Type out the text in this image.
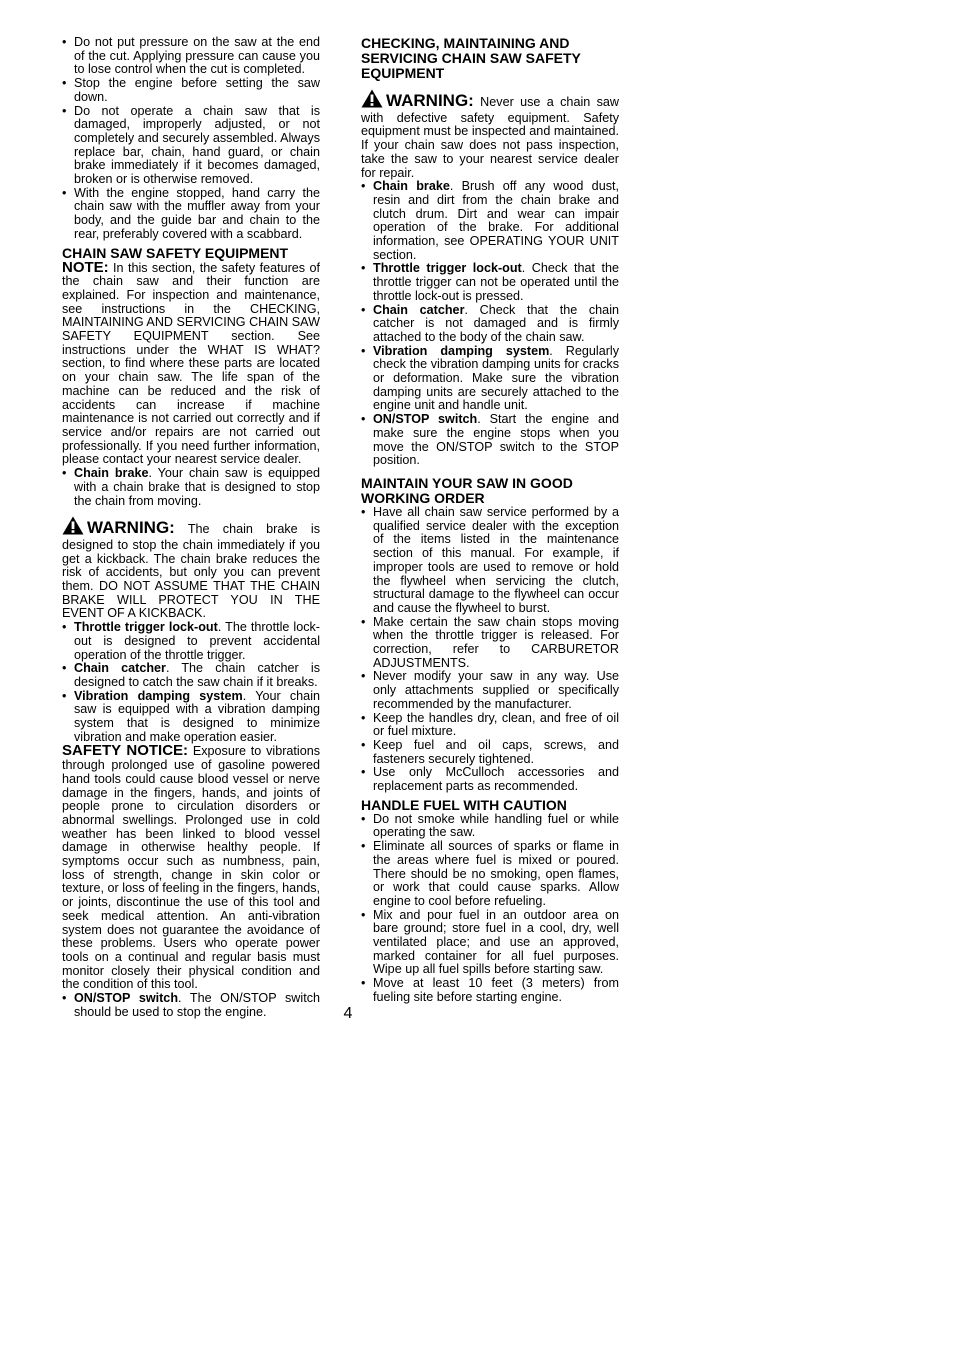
• Do not put pressure on the saw at the end of the cut. Applying pressure can cause you to lose control when the cut is completed.
• Stop the engine before setting the saw down.
• Do not operate a chain saw that is damaged, improperly adjusted, or not completely and securely assembled. Always replace bar, chain, hand guard, or chain brake immediately if it becomes damaged, broken or is otherwise removed.
• With the engine stopped, hand carry the chain saw with the muffler away from your body, and the guide bar and chain to the rear, preferably covered with a scabbard.
CHAIN SAW SAFETY EQUIPMENT

NOTE: In this section, the safety features of the chain saw and their function are explained. For inspection and maintenance, see instructions in the CHECKING, MAINTAINING AND SERVICING CHAIN SAW SAFETY EQUIPMENT section. See instructions under the WHAT IS WHAT? section, to find where these parts are located on your chain saw. The life span of the machine can be reduced and the risk of accidents can increase if machine maintenance is not carried out correctly and if service and/or repairs are not carried out professionally. If you need further information, please contact your nearest service dealer.

• Chain brake. Your chain saw is equipped with a chain brake that is designed to stop the chain from moving.

WARNING: The chain brake is designed to stop the chain immediately if you get a kickback. The chain brake reduces the risk of accidents, but only you can prevent them. DO NOT ASSUME THAT THE CHAIN BRAKE WILL PROTECT YOU IN THE EVENT OF A KICKBACK.

• Throttle trigger lock-out. The throttle lock-out is designed to prevent accidental operation of the throttle trigger.
• Chain catcher. The chain catcher is designed to catch the saw chain if it breaks.
• Vibration damping system. Your chain saw is equipped with a vibration damping system that is designed to minimize vibration and make operation easier.

SAFETY NOTICE: Exposure to vibrations through prolonged use of gasoline powered hand tools could cause blood vessel or nerve damage in the fingers, hands, and joints of people prone to circulation disorders or abnormal swellings. Prolonged use in cold weather has been linked to blood vessel damage in otherwise healthy people. If symptoms occur such as numbness, pain, loss of strength, change in skin color or texture, or loss of feeling in the fingers, hands, or joints, discontinue the use of this tool and seek medical attention. An anti-vibration system does not guarantee the avoidance of these problems. Users who operate power tools on a continual and regular basis must monitor closely their physical condition and the condition of this tool.

• ON/STOP switch. The ON/STOP switch should be used to stop the engine.
CHECKING, MAINTAINING AND SERVICING CHAIN SAW SAFETY EQUIPMENT

WARNING: Never use a chain saw with defective safety equipment. Safety equipment must be inspected and maintained. If your chain saw does not pass inspection, take the saw to your nearest service dealer for repair.

• Chain brake. Brush off any wood dust, resin and dirt from the chain brake and clutch drum. Dirt and wear can impair operation of the brake. For additional information, see OPERATING YOUR UNIT section.
• Throttle trigger lock-out. Check that the throttle trigger can not be operated until the throttle lock-out is pressed.
• Chain catcher. Check that the chain catcher is not damaged and is firmly attached to the body of the chain saw.
• Vibration damping system. Regularly check the vibration damping units for cracks or deformation. Make sure the vibration damping units are securely attached to the engine unit and handle unit.
• ON/STOP switch. Start the engine and make sure the engine stops when you move the ON/STOP switch to the STOP position.
MAINTAIN YOUR SAW IN GOOD WORKING ORDER
• Have all chain saw service performed by a qualified service dealer with the exception of the items listed in the maintenance section of this manual. For example, if improper tools are used to remove or hold the flywheel when servicing the clutch, structural damage to the flywheel can occur and cause the flywheel to burst.
• Make certain the saw chain stops moving when the throttle trigger is released. For correction, refer to CARBURETOR ADJUSTMENTS.
• Never modify your saw in any way. Use only attachments supplied or specifically recommended by the manufacturer.
• Keep the handles dry, clean, and free of oil or fuel mixture.
• Keep fuel and oil caps, screws, and fasteners securely tightened.
• Use only McCulloch accessories and replacement parts as recommended.
HANDLE FUEL WITH CAUTION
• Do not smoke while handling fuel or while operating the saw.
• Eliminate all sources of sparks or flame in the areas where fuel is mixed or poured. There should be no smoking, open flames, or work that could cause sparks. Allow engine to cool before refueling.
• Mix and pour fuel in an outdoor area on bare ground; store fuel in a cool, dry, well ventilated place; and use an approved, marked container for all fuel purposes. Wipe up all fuel spills before starting saw.
• Move at least 10 feet (3 meters) from fueling site before starting engine.
4
